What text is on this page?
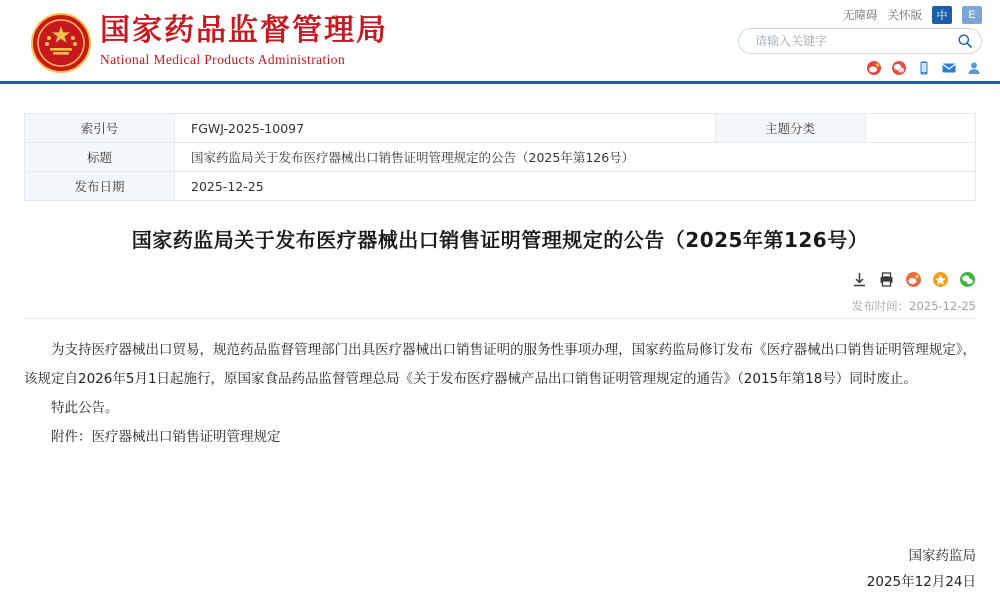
国家药品监督管理局
National Medical Products Administration
无障碍 关怀版	中	E
请输入关键字
索引号	FGWJ-2025-10097	主题分类	
标题	国家药监局关于发布医疗器械出口销售证明管理规定的公告（2025年第126号）		
发布日期	2025-12-25		
国家药监局关于发布医疗器械出口销售证明管理规定的公告（2025年第126号）
发布时间：2025-12-25

为支持医疗器械出口贸易，规范药品监督管理部门出具医疗器械出口销售证明的服务性事项办理，国家药监局修订发布《医疗器械出口销售证明管理规定》，该规定自2026年5月1日起施行，原国家食品药品监督管理总局《关于发布医疗器械产品出口销售证明管理规定的通告》（2015年第18号）同时废止。

特此公告。

附件：医疗器械出口销售证明管理规定

国家药监局
2025年12月24日
